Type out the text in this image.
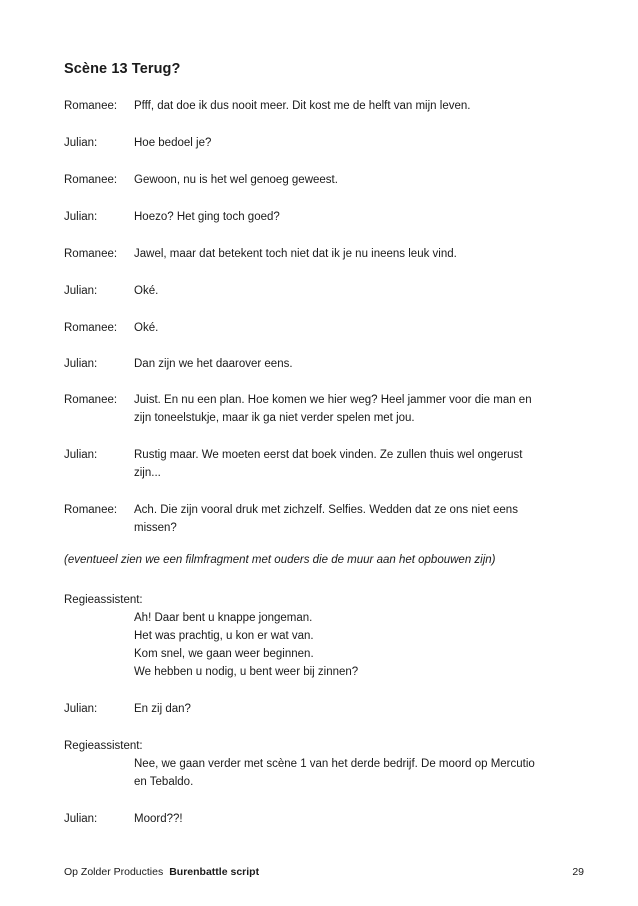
Scène 13 Terug?
Romanee: Pfff, dat doe ik dus nooit meer. Dit kost me de helft van mijn leven.
Julian:	Hoe bedoel je?
Romanee: Gewoon, nu is het wel genoeg geweest.
Julian:	Hoezo? Het ging toch goed?
Romanee: Jawel, maar dat betekent toch niet dat ik je nu ineens leuk vind.
Julian:	Oké.
Romanee: Oké.
Julian:	Dan zijn we het daarover eens.
Romanee: Juist. En nu een plan. Hoe komen we hier weg? Heel jammer voor die man en
zijn toneelstukje, maar ik ga niet verder spelen met jou.
Julian:	Rustig maar. We moeten eerst dat boek vinden. Ze zullen thuis wel ongerust
zijn...
Romanee: Ach. Die zijn vooral druk met zichzelf. Selfies. Wedden dat ze ons niet eens
missen?
(eventueel zien we een filmfragment met ouders die de muur aan het opbouwen zijn)
Regieassistent:
Ah! Daar bent u knappe jongeman.
Het was prachtig, u kon er wat van.
Kom snel, we gaan weer beginnen.
We hebben u nodig, u bent weer bij zinnen?
Julian:	En zij dan?
Regieassistent:
Nee, we gaan verder met scène 1 van het derde bedrijf. De moord op Mercutio
en Tebaldo.
Julian:	Moord??!
Op Zolder Producties Burenbattle script	29
